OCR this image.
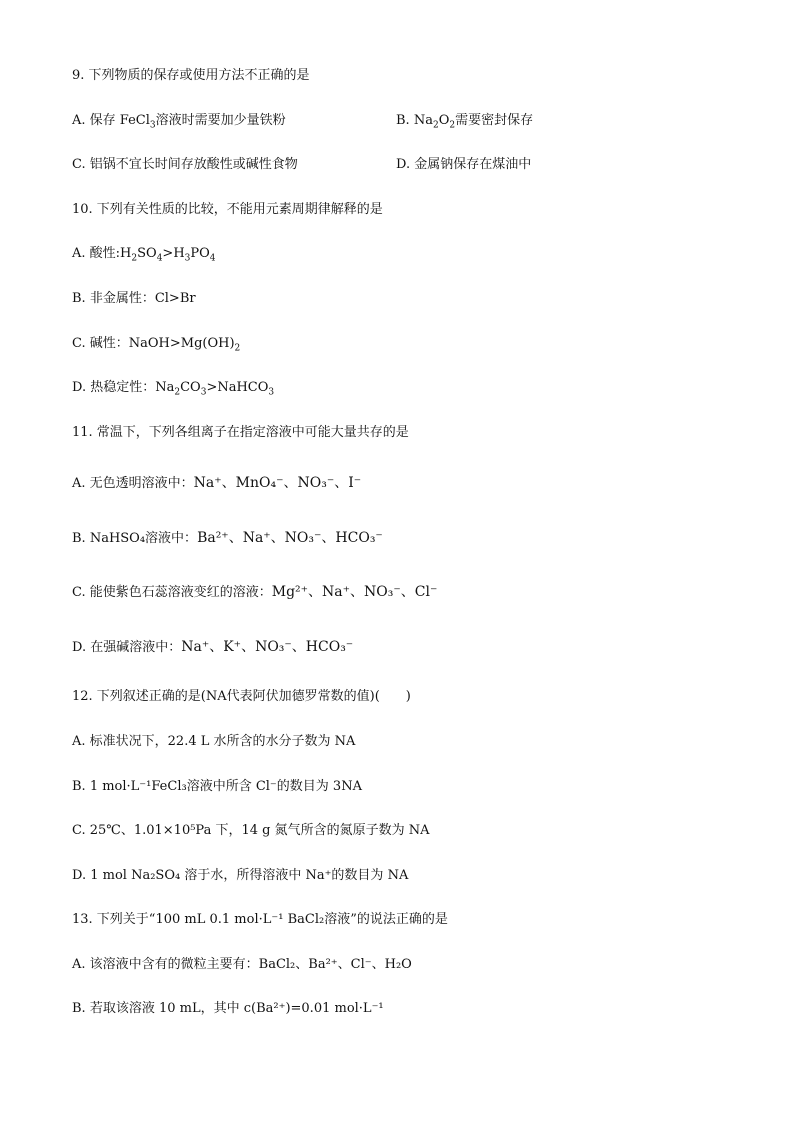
9. 下列物质的保存或使用方法不正确的是
A. 保存 FeCl$_3$溶液时需要加少量铁粉	B. $Na_2O_2$需要密封保存
C. 铝锅不宜长时间存放酸性或碱性食物	D. 金属钠保存在煤油中
10. 下列有关性质的比较，不能用元素周期律解释的是
A. 酸性$:H_2SO_4>H_3PO_4$
B. 非金属性：Cl>Br
C. 碱性：$NaOH>Mg(OH)_2$
D. 热稳定性：$Na_2CO_3>NaHCO_3$
11. 常温下，下列各组离子在指定溶液中可能大量共存的是
A. 无色透明溶液中：Na⁺、MnO₄⁻、NO₃⁻、I⁻
B. NaHSO₄溶液中：Ba²⁺、Na⁺、NO₃⁻、HCO₃⁻
C. 能使紫色石蕊溶液变红的溶液：Mg²⁺、Na⁺、NO₃⁻、Cl⁻
D. 在强碱溶液中：Na⁺、K⁺、NO₃⁻、HCO₃⁻
12. 下列叙述正确的是(NA代表阿伏加德罗常数的值)(　　)
A. 标准状况下，22.4 L 水所含的水分子数为 NA
B. 1 mol·L⁻¹FeCl₃溶液中所含 Cl⁻的数目为 3NA
C. 25℃、1.01×10⁵Pa 下，14 g 氮气所含的氮原子数为 NA
D. 1 mol Na₂SO₄ 溶于水，所得溶液中 Na⁺的数目为 NA
13. 下列关于“100 mL 0.1 mol·L⁻¹ BaCl₂溶液”的说法正确的是
A. 该溶液中含有的微粒主要有：BaCl₂、Ba²⁺、Cl⁻、H₂O
B. 若取该溶液 10 mL，其中 c(Ba²⁺)=0.01 mol·L⁻¹
